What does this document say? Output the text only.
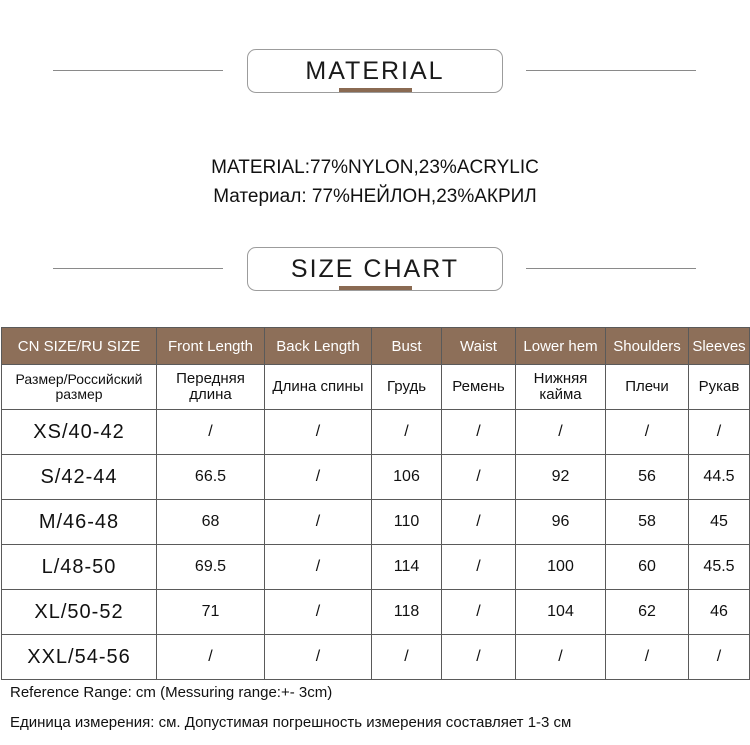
MATERIAL
MATERIAL:77%NYLON,23%ACRYLIC
Материал: 77%НЕЙЛОН,23%АКРИЛ
SIZE CHART
CN SIZE/RU SIZE	Front Length	Back Length	Bust	Waist	Lower hem	Shoulders	Sleeves
Размер/Российский размер	Передняя длина	Длина спины	Грудь	Ремень	Нижняя кайма	Плечи	Рукав
XS/40-42	/	/	/	/	/	/	/
S/42-44	66.5	/	106	/	92	56	44.5
M/46-48	68	/	110	/	96	58	45
L/48-50	69.5	/	114	/	100	60	45.5
XL/50-52	71	/	118	/	104	62	46
XXL/54-56	/	/	/	/	/	/	/
Reference Range: cm (Messuring range:+- 3cm)
Единица измерения: см. Допустимая погрешность измерения составляет 1-3 см
